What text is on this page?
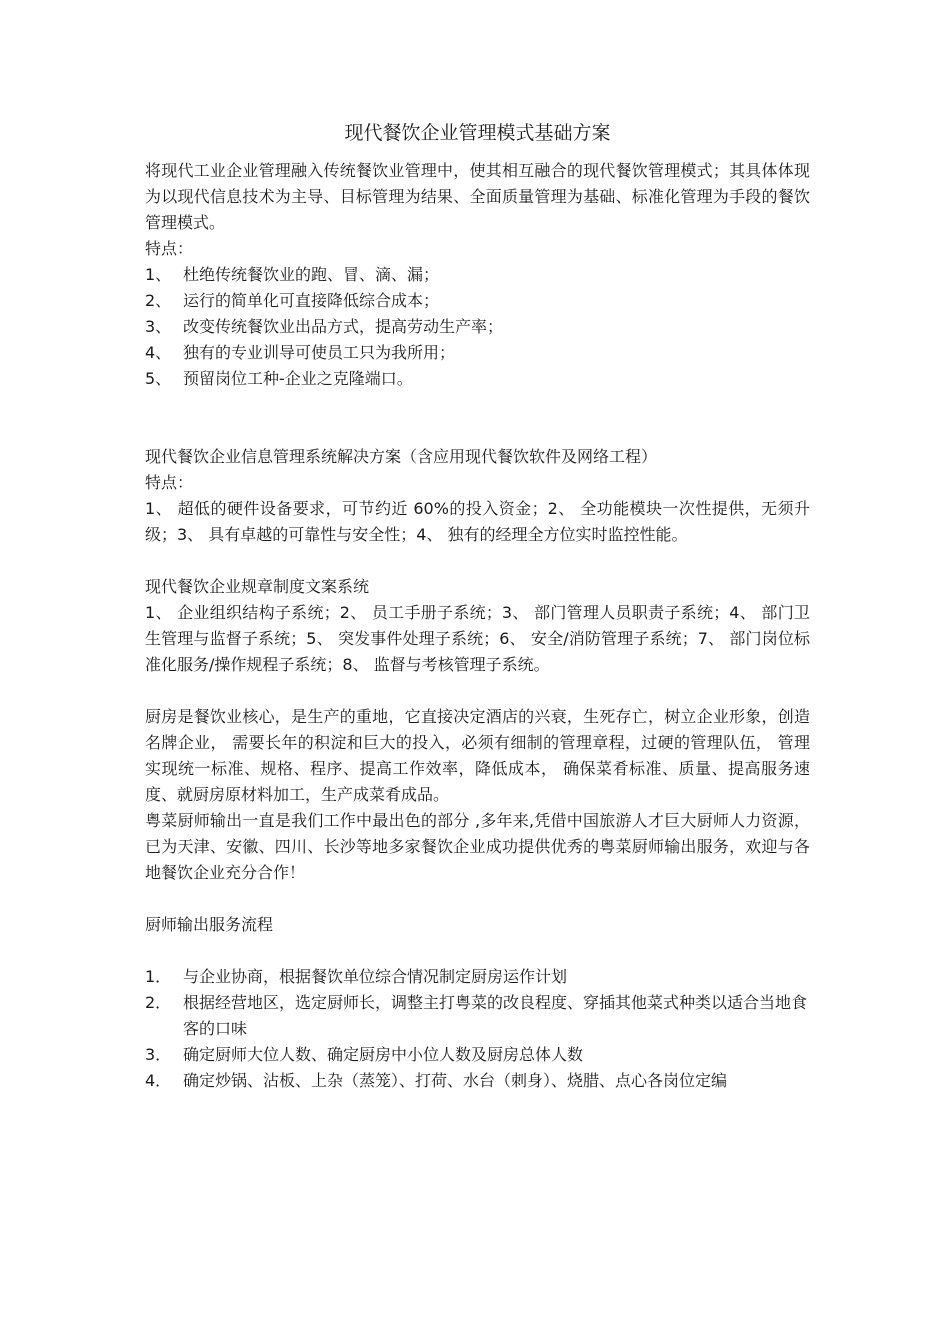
现代餐饮企业管理模式基础方案

将现代工业企业管理融入传统餐饮业管理中，使其相互融合的现代餐饮管理模式；其具体体现为以现代信息技术为主导、目标管理为结果、全面质量管理为基础、标准化管理为手段的餐饮管理模式。

特点：

1、 杜绝传统餐饮业的跑、冒、滴、漏；
2、 运行的简单化可直接降低综合成本；
3、 改变传统餐饮业出品方式，提高劳动生产率；
4、 独有的专业训导可使员工只为我所用；
5、 预留岗位工种-企业之克隆端口。

现代餐饮企业信息管理系统解决方案（含应用现代餐饮软件及网络工程）

特点：

1、 超低的硬件设备要求，可节约近 60%的投入资金；2、 全功能模块一次性提供，无须升级；3、 具有卓越的可靠性与安全性；4、 独有的经理全方位实时监控性能。

现代餐饮企业规章制度文案系统

1、 企业组织结构子系统；2、 员工手册子系统；3、 部门管理人员职责子系统；4、 部门卫生管理与监督子系统；5、 突发事件处理子系统；6、 安全/消防管理子系统；7、 部门岗位标准化服务/操作规程子系统；8、 监督与考核管理子系统。

厨房是餐饮业核心，是生产的重地，它直接决定酒店的兴衰，生死存亡，树立企业形象，创造名牌企业， 需要长年的积淀和巨大的投入，必须有细制的管理章程，过硬的管理队伍， 管理实现统一标准、规格、程序、提高工作效率，降低成本， 确保菜肴标准、质量、提高服务速度、就厨房原材料加工，生产成菜肴成品。

粤菜厨师输出一直是我们工作中最出色的部分 ,多年来,凭借中国旅游人才巨大厨师人力资源，已为天津、安徽、四川、长沙等地多家餐饮企业成功提供优秀的粤菜厨师输出服务，欢迎与各地餐饮企业充分合作！

厨师输出服务流程

1． 与企业协商，根据餐饮单位综合情况制定厨房运作计划
2． 根据经营地区，选定厨师长，调整主打粤菜的改良程度、穿插其他菜式种类以适合当地食客的口味
3． 确定厨师大位人数、确定厨房中小位人数及厨房总体人数
4． 确定炒锅、沾板、上杂（蒸笼）、打荷、水台（刺身）、烧腊、点心各岗位定编
